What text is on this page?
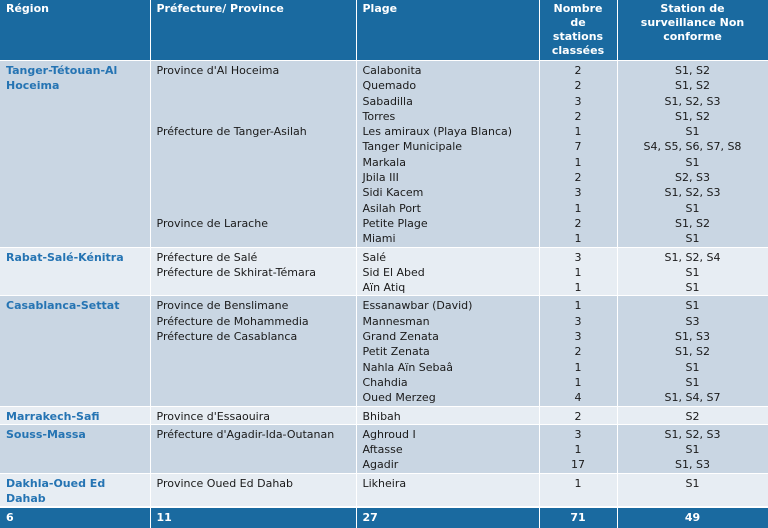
Région	Préfecture/ Province	Plage	Nombre de stations classées	Station de surveillance Non conforme
Tanger-Tétouan-Al Hoceima	Province d'Al Hoceima	Calabonita	2	S1, S2
		Quemado	2	S1, S2
		Sabadilla	3	S1, S2, S3
		Torres	2	S1, S2
	Préfecture de Tanger-Asilah	Les amiraux (Playa Blanca)	1	S1
		Tanger Municipale	7	S4, S5, S6, S7, S8
		Markala	1	S1
		Jbila III	2	S2, S3
		Sidi Kacem	3	S1, S2, S3
		Asilah Port	1	S1
	Province de Larache	Petite Plage	2	S1, S2
		Miami	1	S1
Rabat-Salé-Kénitra	Préfecture de Salé	Salé	3	S1, S2, S4
	Préfecture de Skhirat-Témara	Sid El Abed	1	S1
		Aïn Atiq	1	S1
Casablanca-Settat	Province de Benslimane	Essanawbar (David)	1	S1
	Préfecture de Mohammedia	Mannesman	3	S3
	Préfecture de Casablanca	Grand Zenata	3	S1, S3
		Petit Zenata	2	S1, S2
		Nahla Aïn Sebaâ	1	S1
		Chahdia	1	S1
		Oued Merzeg	4	S1, S4, S7
Marrakech-Safi	Province d'Essaouira	Bhibah	2	S2
Souss-Massa	Préfecture d'Agadir-Ida-Outanan	Aghroud I	3	S1, S2, S3
		Aftasse	1	S1
		Agadir	17	S1, S3
Dakhla-Oued Ed Dahab	Province Oued Ed Dahab	Likheira	1	S1
6	11	27	71	49
